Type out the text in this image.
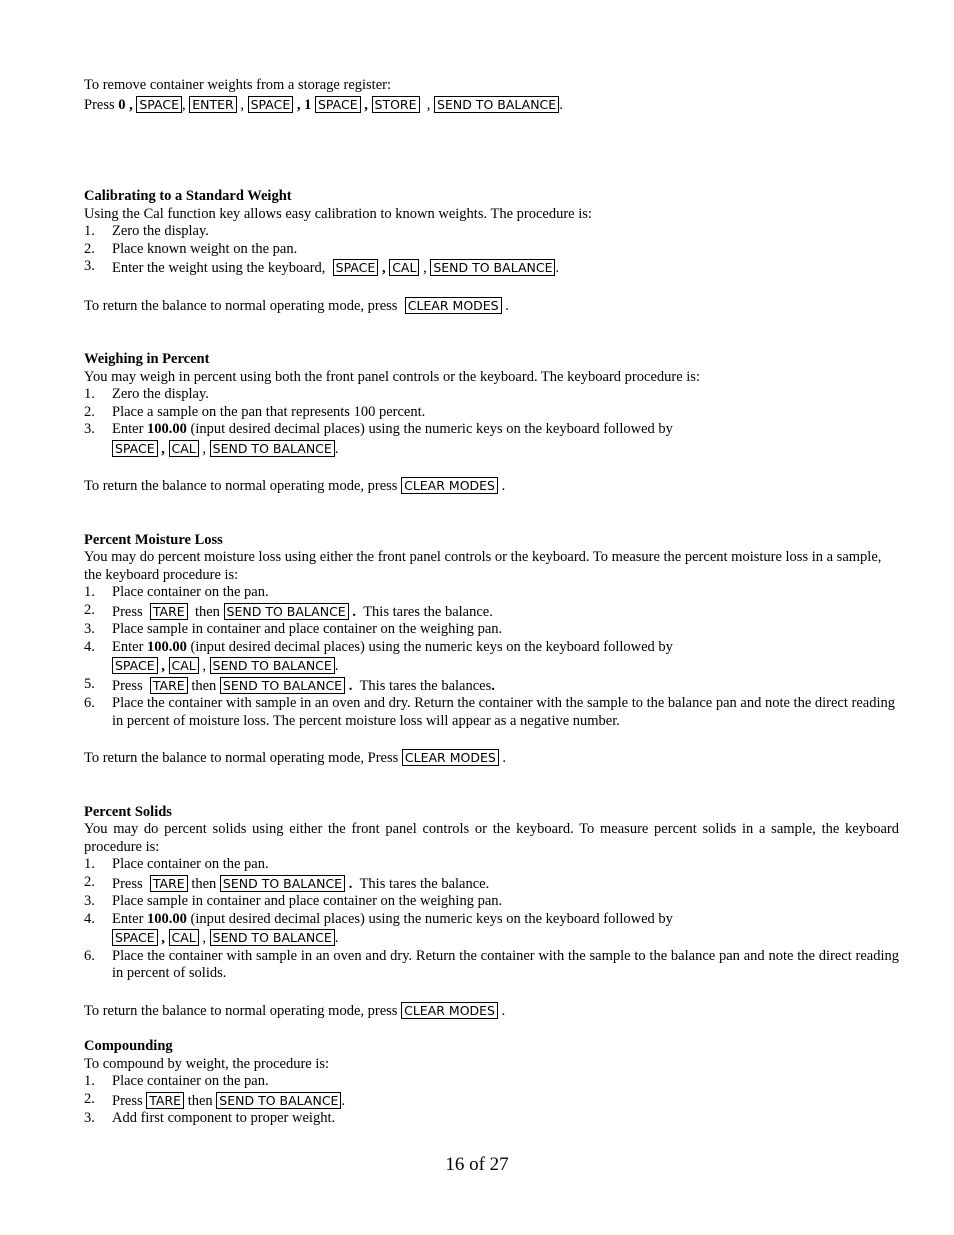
To remove container weights from a storage register:

Press 0 , SPACE , ENTER , SPACE , 1 SPACE , STORE  , SEND TO BALANCE .

Calibrating to a Standard Weight

Using the Cal function key allows easy calibration to known weights. The procedure is:

1. Zero the display.
2. Place known weight on the pan.
3. Enter the weight using the keyboard, SPACE , CAL , SEND TO BALANCE .

To return the balance to normal operating mode, press CLEAR MODES .

Weighing in Percent

You may weigh in percent using both the front panel controls or the keyboard. The keyboard procedure is:

1. Zero the display.
2. Place a sample on the pan that represents 100 percent.
3. Enter 100.00 (input desired decimal places) using the numeric keys on the keyboard followed by
SPACE , CAL , SEND TO BALANCE .

To return the balance to normal operating mode, press CLEAR MODES .

Percent Moisture Loss

You may do percent moisture loss using either the front panel controls or the keyboard. To measure the percent moisture loss in a sample, the keyboard procedure is:

1. Place container on the pan.
2. Press TARE then SEND TO BALANCE . This tares the balance.
3. Place sample in container and place container on the weighing pan.
4. Enter 100.00 (input desired decimal places) using the numeric keys on the keyboard followed by
SPACE , CAL , SEND TO BALANCE .
5. Press TARE then SEND TO BALANCE . This tares the balances.
6. Place the container with sample in an oven and dry. Return the container with the sample to the balance pan and note the direct reading in percent of moisture loss. The percent moisture loss will appear as a negative number.

To return the balance to normal operating mode, Press CLEAR MODES .

Percent Solids

You may do percent solids using either the front panel controls or the keyboard. To measure percent solids in a sample, the keyboard procedure is:

1. Place container on the pan.
2. Press TARE then SEND TO BALANCE . This tares the balance.
3. Place sample in container and place container on the weighing pan.
4. Enter 100.00 (input desired decimal places) using the numeric keys on the keyboard followed by
SPACE , CAL , SEND TO BALANCE .
6. Place the container with sample in an oven and dry. Return the container with the sample to the balance pan and note the direct reading in percent of solids.

To return the balance to normal operating mode, press CLEAR MODES .

Compounding

To compound by weight, the procedure is:

1. Place container on the pan.
2. Press TARE then SEND TO BALANCE .
3. Add first component to proper weight.
16 of 27
